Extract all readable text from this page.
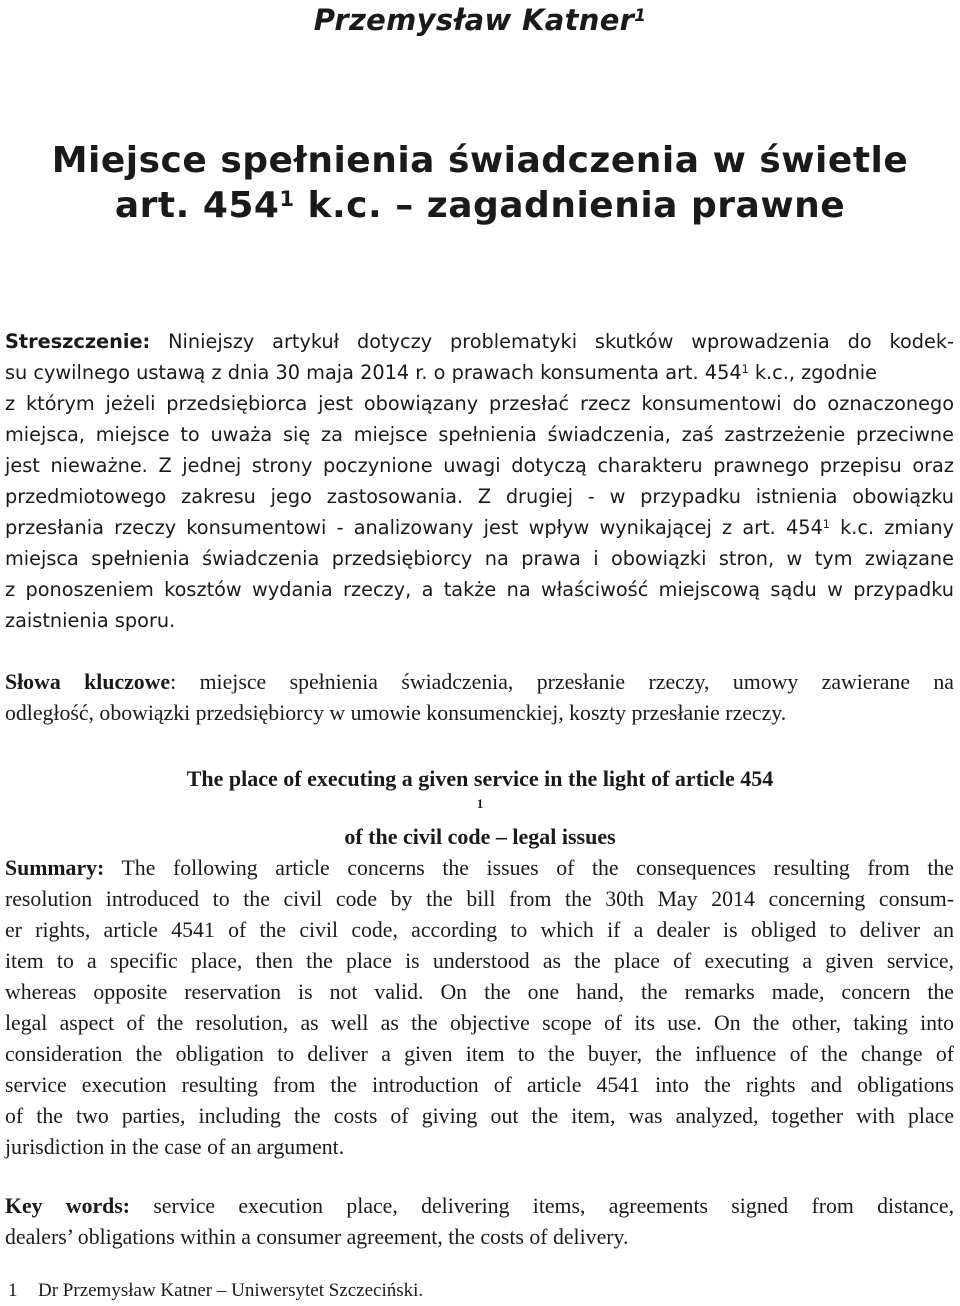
Przemysław Katner$^1$
Miejsce spełnienia świadczenia w świetle
art. $454^1$ k.c. – zagadnienia prawne
Streszczenie: Niniejszy artykuł dotyczy problematyki skutków wprowadzenia do kodek-
su cywilnego ustawą z dnia 30 maja 2014 r. o prawach konsumenta art. $454^1$ k.c., zgodnie
z którym jeżeli przedsiębiorca jest obowiązany przesłać rzecz konsumentowi do oznaczonego
miejsca, miejsce to uważa się za miejsce spełnienia świadczenia, zaś zastrzeżenie przeciwne
jest nieważne. Z jednej strony poczynione uwagi dotyczą charakteru prawnego przepisu oraz
przedmiotowego zakresu jego zastosowania. Z drugiej - w przypadku istnienia obowiązku
przesłania rzeczy konsumentowi - analizowany jest wpływ wynikającej z art. $454^1$ k.c. zmiany
miejsca spełnienia świadczenia przedsiębiorcy na prawa i obowiązki stron, w tym związane
z ponoszeniem kosztów wydania rzeczy, a także na właściwość miejscową sądu w przypadku
zaistnienia sporu.
Słowa kluczowe: miejsce spełnienia świadczenia, przesłanie rzeczy, umowy zawierane na
odległość, obowiązki przedsiębiorcy w umowie konsumenckiej, koszty przesłanie rzeczy.
The place of executing a given service in the light of article 454
$^1$
of the civil code – legal issues
Summary: The following article concerns the issues of the consequences resulting from the
resolution introduced to the civil code by the bill from the 30th May 2014 concerning consum-
er rights, article 4541 of the civil code, according to which if a dealer is obliged to deliver an
item to a specific place, then the place is understood as the place of executing a given service,
whereas opposite reservation is not valid. On the one hand, the remarks made, concern the
legal aspect of the resolution, as well as the objective scope of its use. On the other, taking into
consideration the obligation to deliver a given item to the buyer, the influence of the change of
service execution resulting from the introduction of article 4541 into the rights and obligations
of the two parties, including the costs of giving out the item, was analyzed, together with place
jurisdiction in the case of an argument.
Key words: service execution place, delivering items, agreements signed from distance,
dealers’ obligations within a consumer agreement, the costs of delivery.
1 Dr Przemysław Katner – Uniwersytet Szczeciński.
